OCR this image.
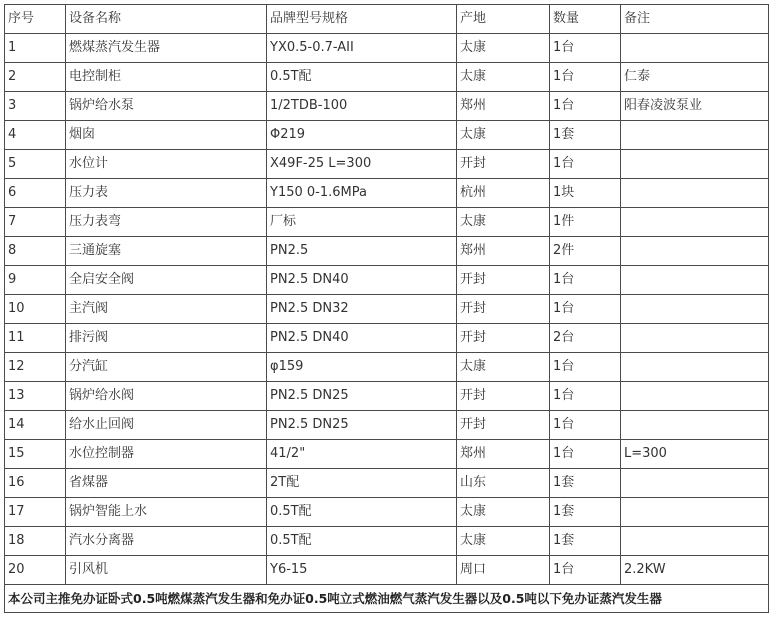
序号	设备名称	品牌型号规格	产地	数量	备注
1	燃煤蒸汽发生器	YX0.5-0.7-AII	太康	1台	
2	电控制柜	0.5T配	太康	1台	仁泰
3	锅炉给水泵	1/2TDB-100	郑州	1台	阳春凌波泵业
4	烟囱	Φ219	太康	1套	
5	水位计	X49F-25 L=300	开封	1台	
6	压力表	Y150 0-1.6MPa	杭州	1块	
7	压力表弯	厂标	太康	1件	
8	三通旋塞	PN2.5	郑州	2件	
9	全启安全阀	PN2.5 DN40	开封	1台	
10	主汽阀	PN2.5 DN32	开封	1台	
11	排污阀	PN2.5 DN40	开封	2台	
12	分汽缸	φ159	太康	1台	
13	锅炉给水阀	PN2.5 DN25	开封	1台	
14	给水止回阀	PN2.5 DN25	开封	1台	
15	水位控制器	41/2"	郑州	1台	L=300
16	省煤器	2T配	山东	1套	
17	锅炉智能上水	0.5T配	太康	1套	
18	汽水分离器	0.5T配	太康	1套	
20	引风机	Y6-15	周口	1台	2.2KW
本公司主推免办证卧式0.5吨燃煤蒸汽发生器和免办证0.5吨立式燃油燃气蒸汽发生器以及0.5吨以下免办证蒸汽发生器					
